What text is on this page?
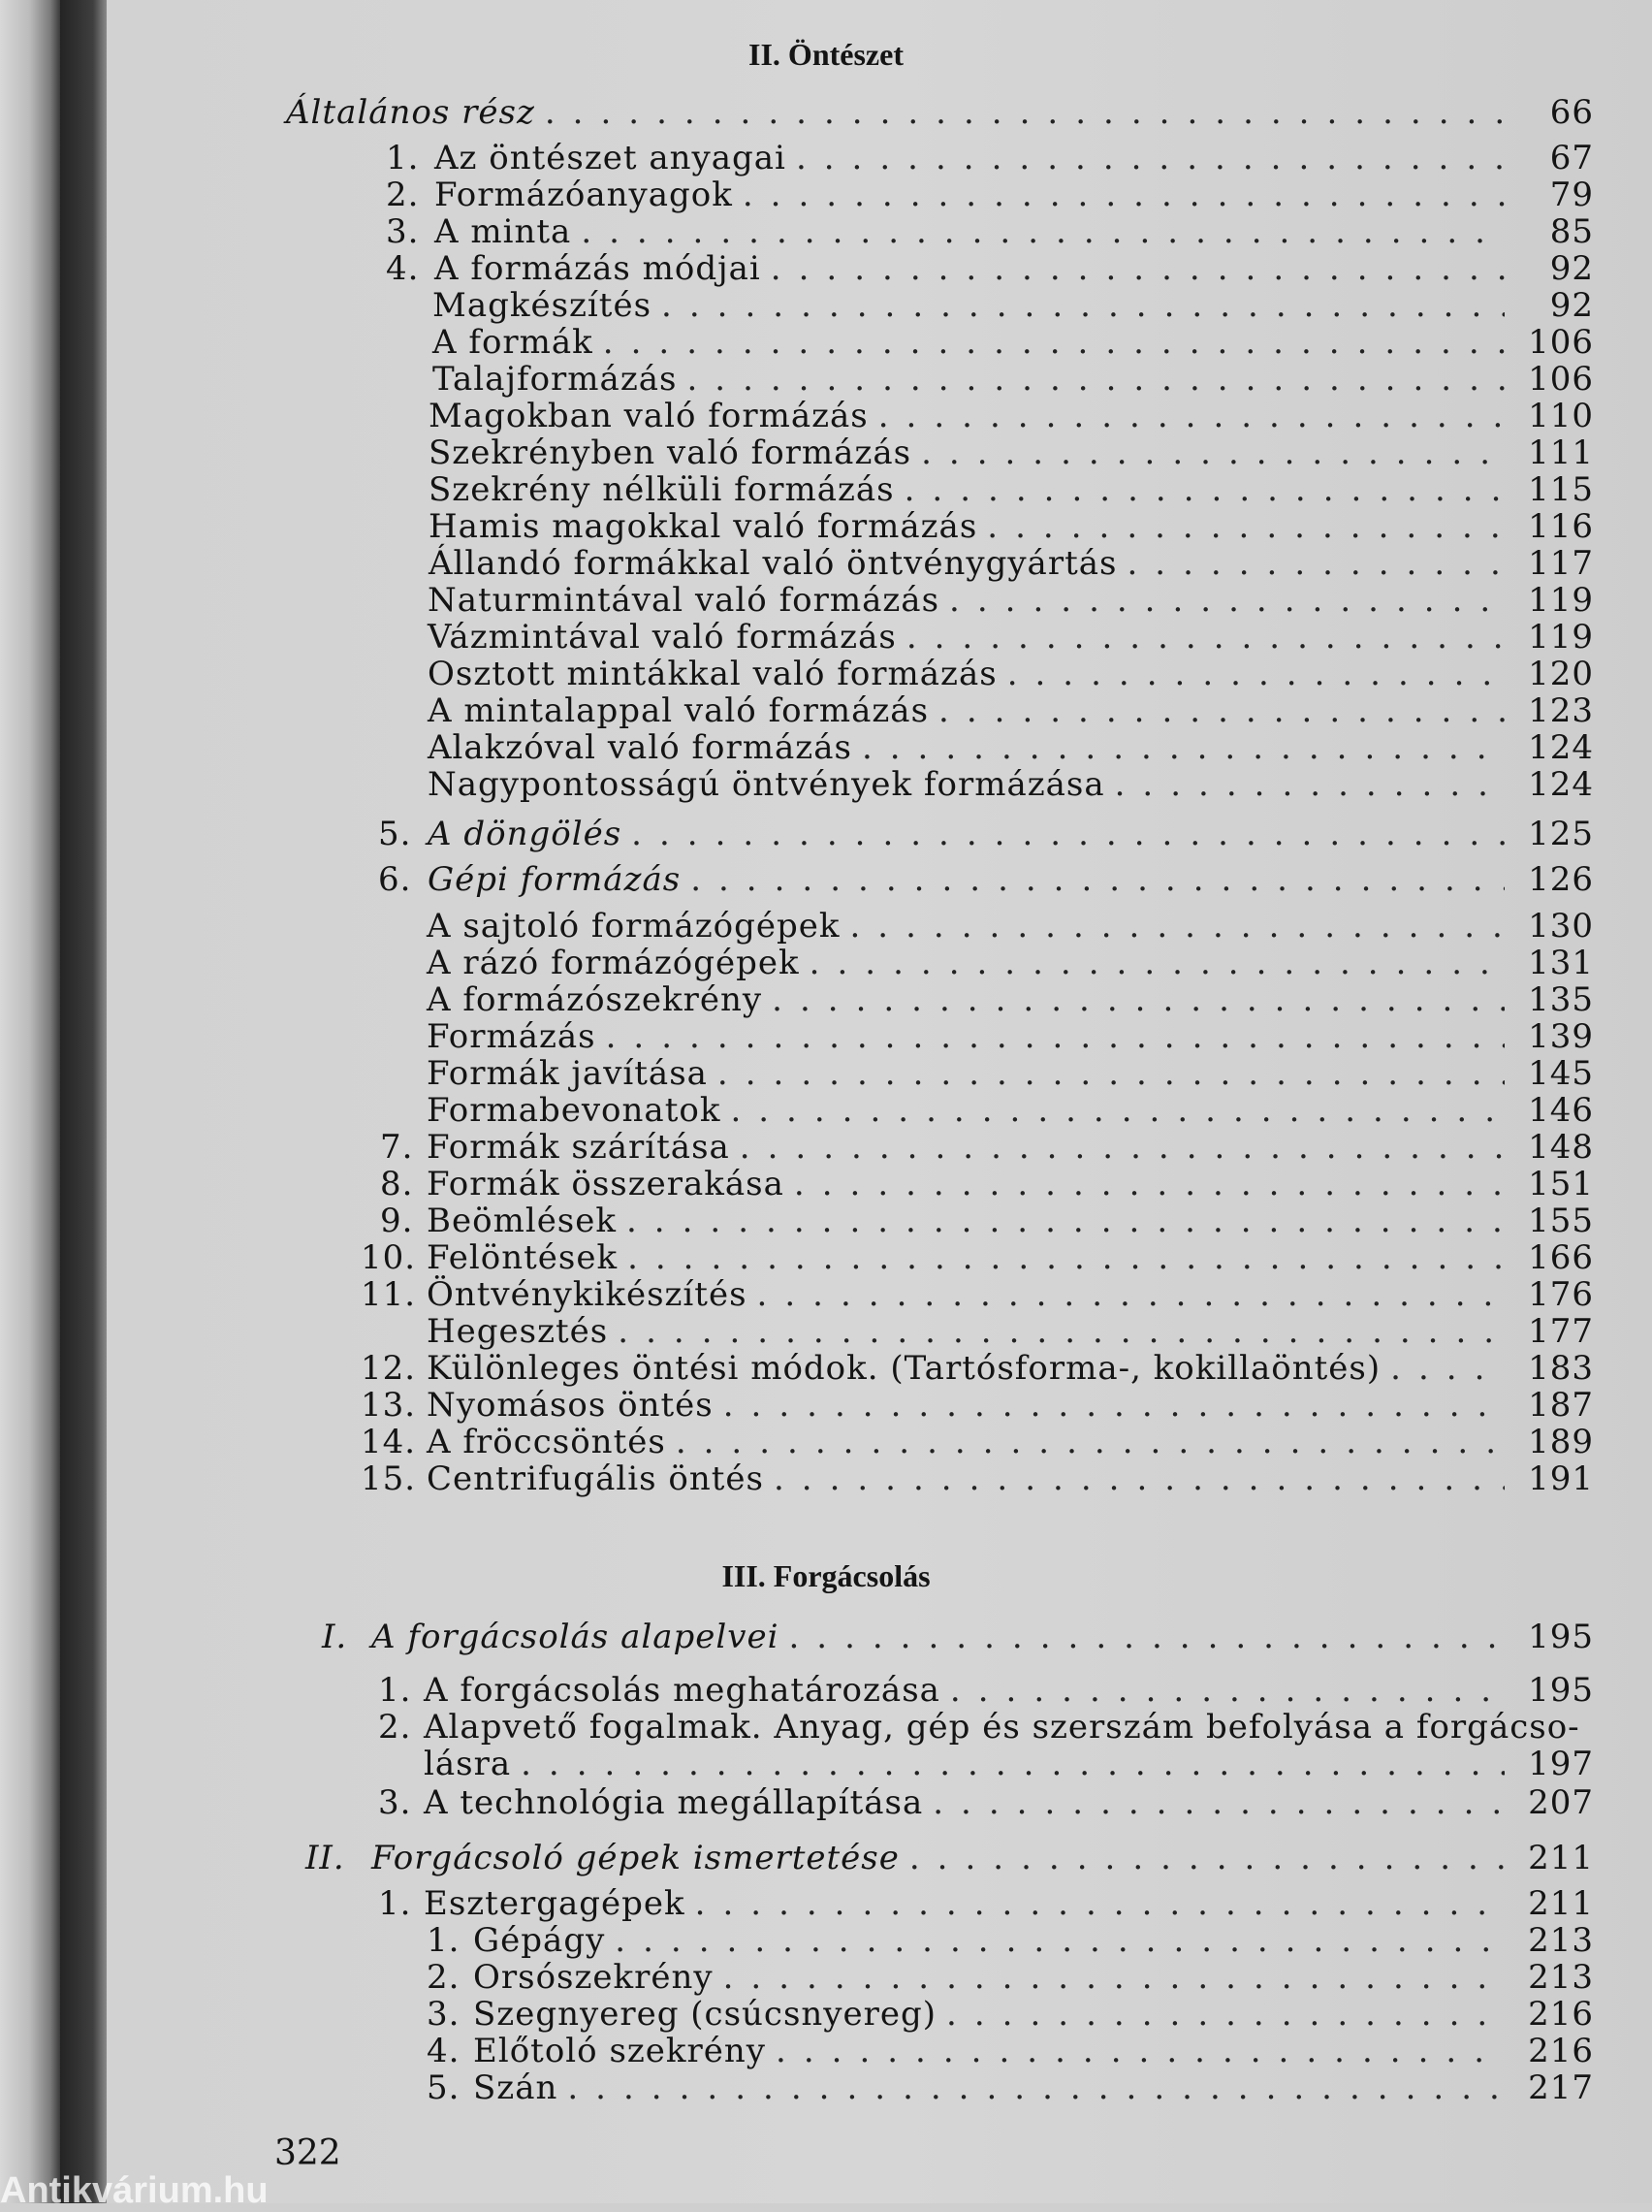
II. Öntészet
Általános rész .....	66
1. Az öntészet anyagai .....	67
2. Formázóanyagok .....	79
3. A minta .....	85
4. A formázás módjai .....	92
Magkészítés .....	92
A formák .....	106
Talajformázás .....	106
Magokban való formázás .....	110
Szekrényben való formázás .....	111
Szekrény nélküli formázás .....	115
Hamis magokkal való formázás .....	116
Állandó formákkal való öntvénygyártás .....	117
Naturmintával való formázás .....	119
Vázmintával való formázás .....	119
Osztott mintákkal való formázás .....	120
A mintalappal való formázás .....	123
Alakzóval való formázás .....	124
Nagypontosságú öntvények formázása .....	124
5. A döngölés .....	125
6. Gépi formázás .....	126
A sajtoló formázógépek .....	130
A rázó formázógépek .....	131
A formázószekrény .....	135
Formázás .....	139
Formák javítása .....	145
Formabevonatok .....	146
7. Formák szárítása .....	148
8. Formák összerakása .....	151
9. Beömlések .....	155
10. Felöntések .....	166
11. Öntvénykikészítés .....	176
Hegesztés .....	177
12. Különleges öntési módok. (Tartósforma-, kokillaöntés) .....	183
13. Nyomásos öntés .....	187
14. A fröccsöntés .....	189
15. Centrifugális öntés .....	191
III. Forgácsolás
I. A forgácsolás alapelvei .....	195
1. A forgácsolás meghatározása .....	195
2. Alapvető fogalmak. Anyag, gép és szerszám befolyása a forgácso-
lásra .....	197
3. A technológia megállapítása .....	207
II. Forgácsoló gépek ismertetése .....	211
1. Esztergagépek .....	211
1. Gépágy .....	213
2. Orsószekrény .....	213
3. Szegnyereg (csúcsnyereg) .....	216
4. Előtoló szekrény .....	216
5. Szán .....	217
322
Antikvárium.hu
